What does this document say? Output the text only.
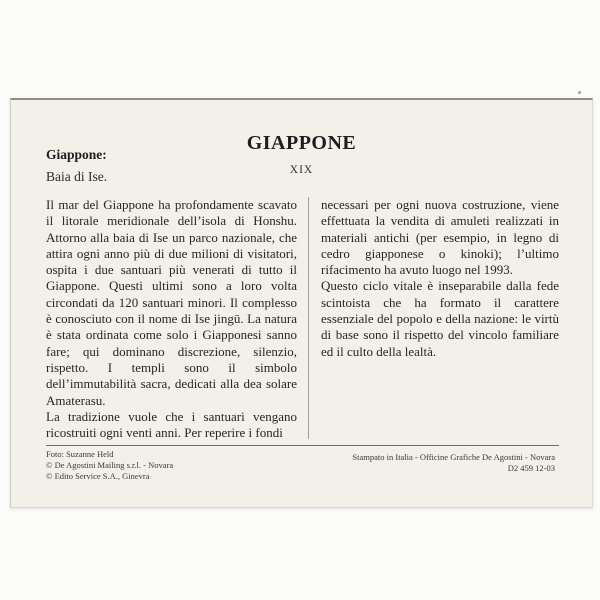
GIAPPONE
XIX
Giappone:
Baia di Ise.

Il mar del Giappone ha profondamente scavato il litorale meridionale dell’isola di Honshu. Attorno alla baia di Ise un parco nazionale, che attira ogni anno più di due milioni di visitatori, ospita i due santuari più venerati di tutto il Giappone. Questi ultimi sono a loro volta circondati da 120 santuari minori. Il complesso è conosciuto con il nome di Ise jingū. La natura è stata ordinata come solo i Giapponesi sanno fare; qui dominano discrezione, silenzio, rispetto. I templi sono il simbolo dell’immutabilità sacra, dedicati alla dea solare Amaterasu.

La tradizione vuole che i santuari vengano ricostruiti ogni venti anni. Per reperire i fondi

necessari per ogni nuova costruzione, viene effettuata la vendita di amuleti realizzati in materiali antichi (per esempio, in legno di cedro giapponese o kinoki); l’ultimo rifacimento ha avuto luogo nel 1993.

Questo ciclo vitale è inseparabile dalla fede scintoista che ha formato il carattere essenziale del popolo e della nazione: le virtù di base sono il rispetto del vincolo familiare ed il culto della lealtà.

· ·
Foto: Suzanne Held
© De Agostini Mailing s.r.l. - Novara
© Edito Service S.A., Ginevra
Stampato in Italia - Officine Grafiche De Agostini - Novara
D2 459 12-03
